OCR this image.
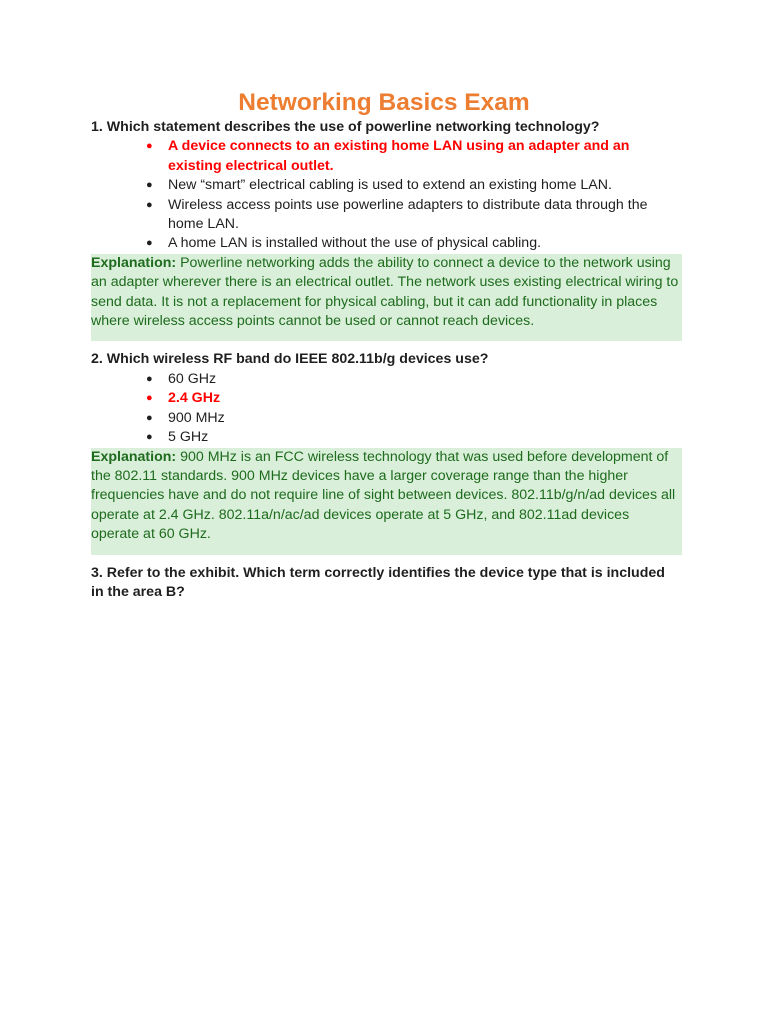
Networking Basics Exam

1. Which statement describes the use of powerline networking technology?

● A device connects to an existing home LAN using an adapter and an existing electrical outlet.
● New “smart” electrical cabling is used to extend an existing home LAN.
● Wireless access points use powerline adapters to distribute data through the home LAN.
● A home LAN is installed without the use of physical cabling.

Explanation: Powerline networking adds the ability to connect a device to the network using an adapter wherever there is an electrical outlet. The network uses existing electrical wiring to send data. It is not a replacement for physical cabling, but it can add functionality in places where wireless access points cannot be used or cannot reach devices.

2. Which wireless RF band do IEEE 802.11b/g devices use?

● 60 GHz
● 2.4 GHz
● 900 MHz
● 5 GHz

Explanation: 900 MHz is an FCC wireless technology that was used before development of the 802.11 standards. 900 MHz devices have a larger coverage range than the higher frequencies have and do not require line of sight between devices. 802.11b/g/n/ad devices all operate at 2.4 GHz. 802.11a/n/ac/ad devices operate at 5 GHz, and 802.11ad devices operate at 60 GHz.

3. Refer to the exhibit. Which term correctly identifies the device type that is included in the area B?
